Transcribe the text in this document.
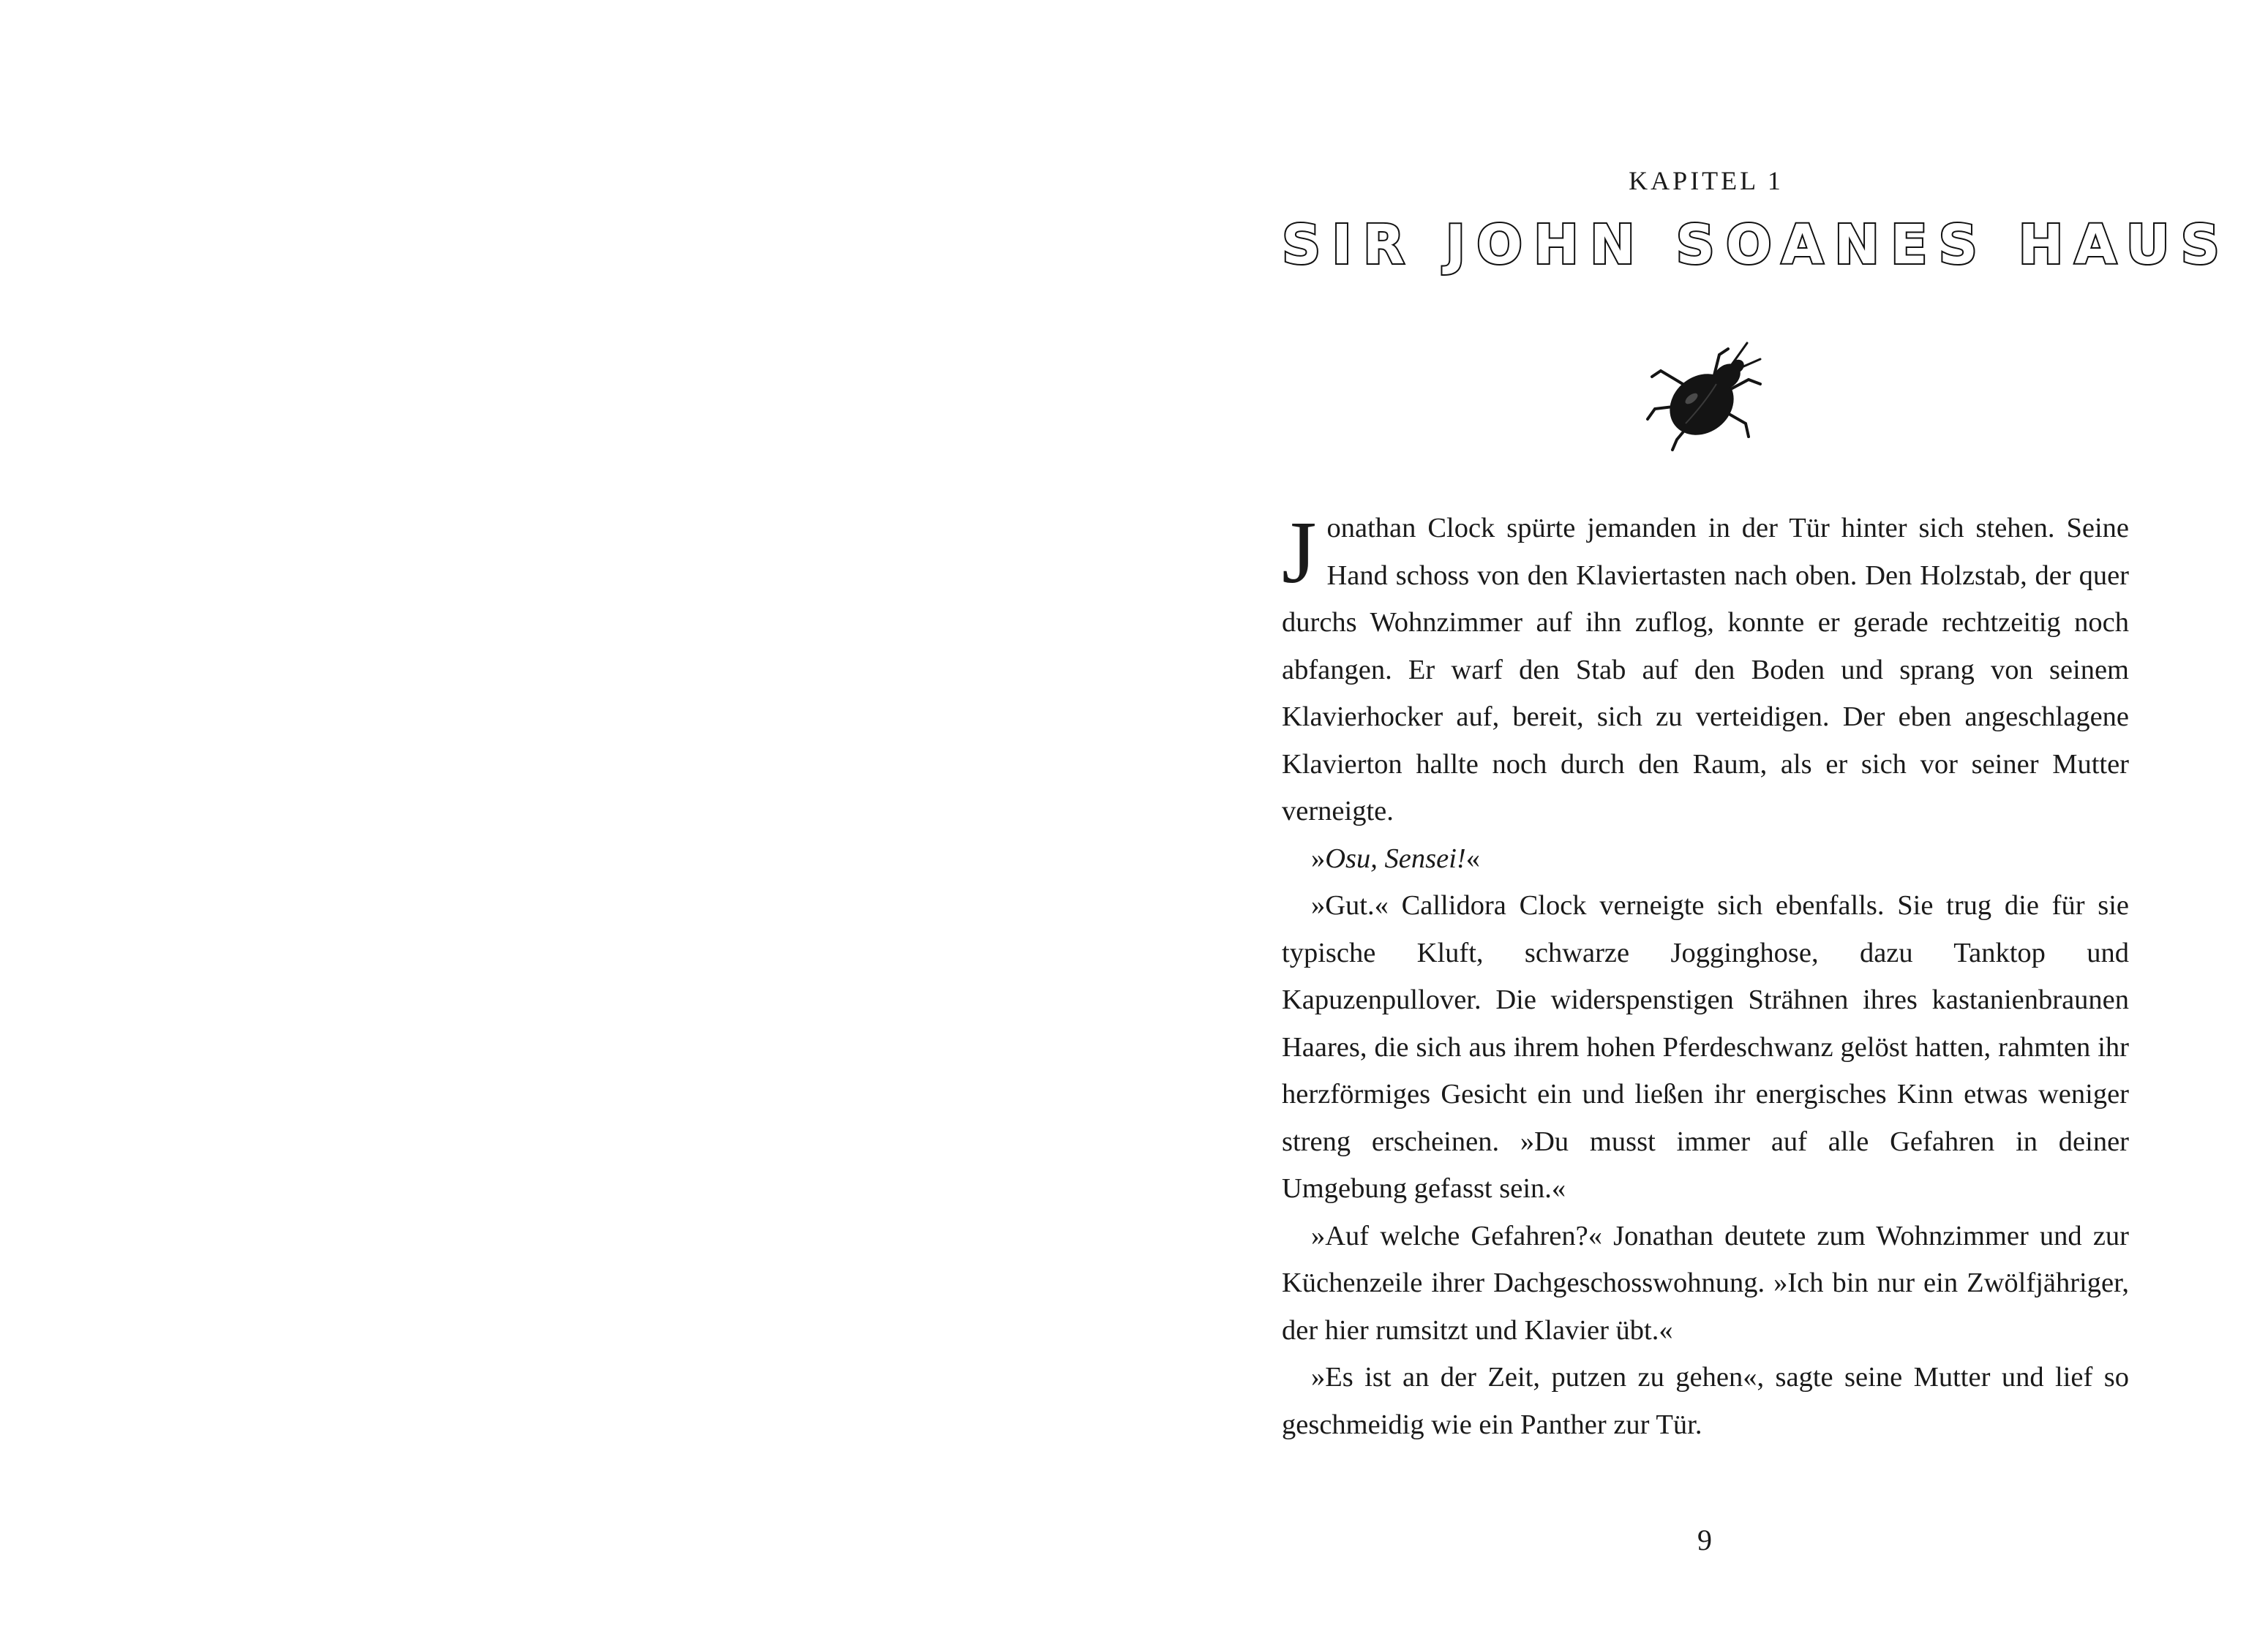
KAPITEL 1
SIR JOHN SOANES HAUS

Jonathan Clock spürte jemanden in der Tür hinter sich stehen. Seine Hand schoss von den Klaviertasten nach oben. Den Holzstab, der quer durchs Wohnzimmer auf ihn zuflog, konnte er gerade rechtzeitig noch abfangen. Er warf den Stab auf den Boden und sprang von seinem Klavierhocker auf, bereit, sich zu verteidigen. Der eben angeschlagene Klavierton hallte noch durch den Raum, als er sich vor seiner Mutter verneigte.

»Osu, Sensei!«

»Gut.« Callidora Clock verneigte sich ebenfalls. Sie trug die für sie typische Kluft, schwarze Jogginghose, dazu Tanktop und Kapuzenpullover. Die widerspenstigen Strähnen ihres kastanienbraunen Haares, die sich aus ihrem hohen Pferdeschwanz gelöst hatten, rahmten ihr herzförmiges Gesicht ein und ließen ihr energisches Kinn etwas weniger streng erscheinen. »Du musst immer auf alle Gefahren in deiner Umgebung gefasst sein.«

»Auf welche Gefahren?« Jonathan deutete zum Wohnzimmer und zur Küchenzeile ihrer Dachgeschosswohnung. »Ich bin nur ein Zwölfjähriger, der hier rumsitzt und Klavier übt.«

»Es ist an der Zeit, putzen zu gehen«, sagte seine Mutter und lief so geschmeidig wie ein Panther zur Tür.

9
